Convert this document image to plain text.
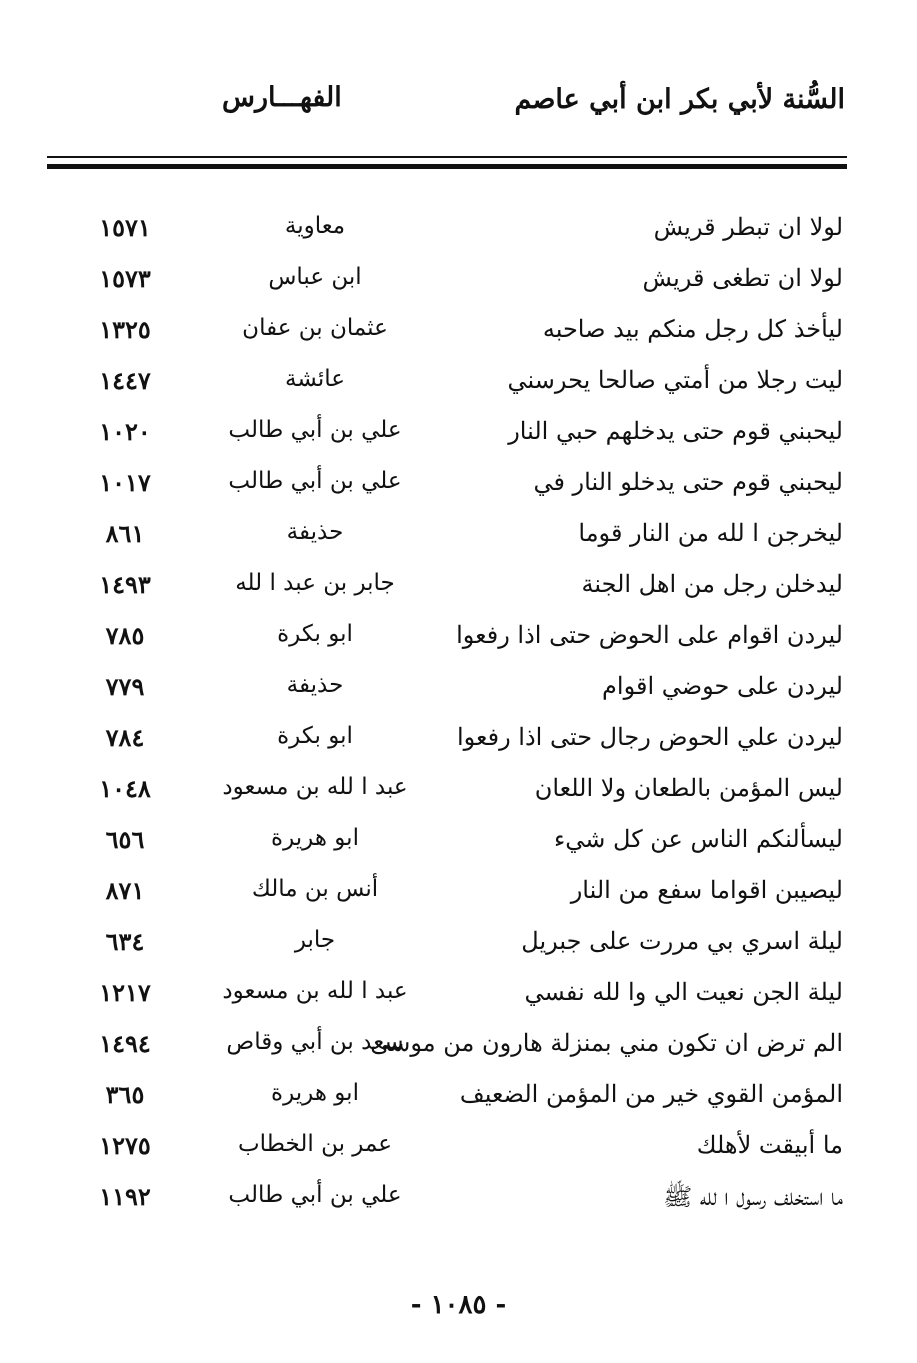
السُّنة لأبي بكر ابن أبي عاصم
الفهـــارس
لولا ان تبطر قريش
معاوية
١٥٧١
لولا ان تطغى قريش
ابن عباس
١٥٧٣
ليأخذ كل رجل منكم بيد صاحبه
عثمان بن عفان
١٣٢٥
ليت رجلا من أمتي صالحا يحرسني
عائشة
١٤٤٧
ليحبني قوم حتى يدخلهم حبي النار
علي بن أبي طالب
١٠٢٠
ليحبني قوم حتى يدخلو النار في
علي بن أبي طالب
١٠١٧
ليخرجن ا لله من النار قوما
حذيفة
٨٦١
ليدخلن رجل من اهل الجنة
جابر بن عبد ا لله
١٤٩٣
ليردن اقوام على الحوض حتى اذا رفعوا
ابو بكرة
٧٨٥
ليردن على حوضي اقوام
حذيفة
٧٧٩
ليردن علي الحوض رجال حتى اذا رفعوا
ابو بكرة
٧٨٤
ليس المؤمن بالطعان ولا اللعان
عبد ا لله بن مسعود
١٠٤٨
ليسألنكم الناس عن كل شيء
ابو هريرة
٦٥٦
ليصيبن اقواما سفع من النار
أنس بن مالك
٨٧١
ليلة اسري بي مررت على جبريل
جابر
٦٣٤
ليلة الجن نعيت الي وا لله نفسي
عبد ا لله بن مسعود
١٢١٧
الم ترض ان تكون مني بمنزلة هارون من موسى
سعد بن أبي وقاص
١٤٩٤
المؤمن القوي خير من المؤمن الضعيف
ابو هريرة
٣٦٥
ما أبيقت لأهلك
عمر بن الخطاب
١٢٧٥
ما استخلف رسول ا لله ﷺ
علي بن أبي طالب
١١٩٢
- ١٠٨٥ -
